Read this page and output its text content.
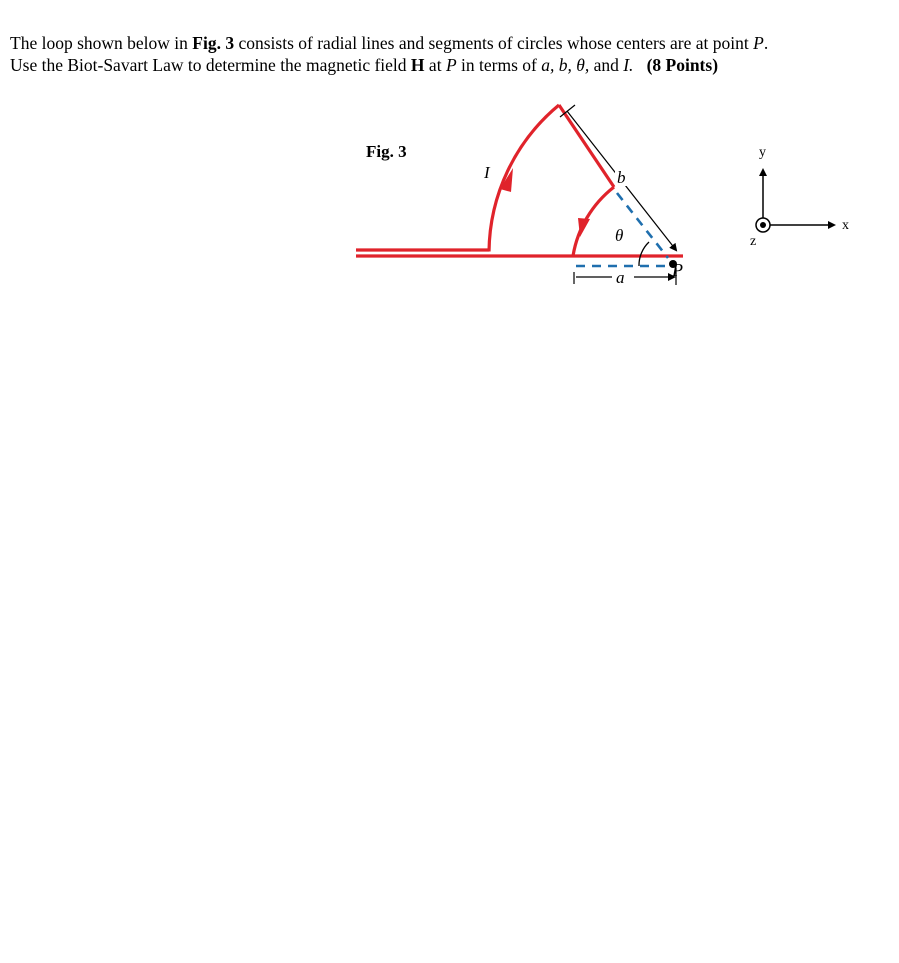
The loop shown below in Fig. 3 consists of radial lines and segments of circles whose centers are at point P.
Use the Biot-Savart Law to determine the magnetic field H at P in terms of a, b, θ, and I. (8 Points)
Fig. 3
I
θ
b
a	P
y
x
z
